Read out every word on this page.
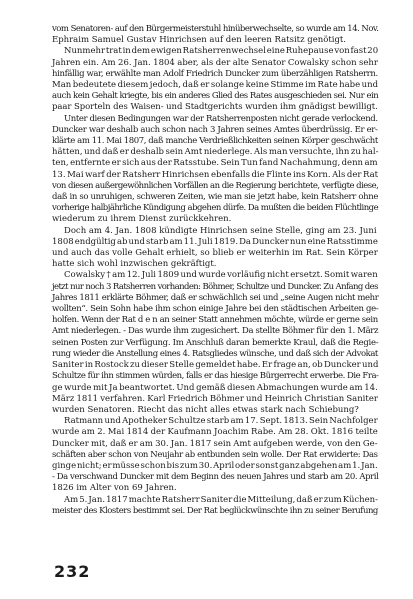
vom Senatoren- auf den Bürgermeisterstuhl hinüberwechselte, so wurde am 14. Nov.
Ephraim Samuel Gustav Hinrichsen auf den leeren Ratsitz genötigt.

Nunmehr trat in dem ewigen Ratsherrenwechsel eine Ruhepause von fast 20
Jahren ein. Am 26. Jan. 1804 aber, als der alte Senator Cowalsky schon sehr
hinfällig war, erwählte man Adolf Friedrich Duncker zum überzähligen Ratsherrn.
Man bedeutete diesem jedoch, daß er solange keine Stimme im Rate habe und
auch kein Gehalt kriegte, bis ein anderes Glied des Rates ausgeschieden sei. Nur ein
paar Sporteln des Waisen- und Stadtgerichts wurden ihm gnädigst bewilligt.

Unter diesen Bedingungen war der Ratsherrenposten nicht gerade verlockend.
Duncker war deshalb auch schon nach 3 Jahren seines Amtes überdrüssig. Er er-
klärte am 11. Mai 1807, daß manche Verdrießlichkeiten seinen Körper geschwächt
hätten, und daß er deshalb sein Amt niederlege. Als man versuchte, ihn zu hal-
ten, entfernte er sich aus der Ratsstube. Sein Tun fand Nachahmung, denn am
13. Mai warf der Ratsherr Hinrichsen ebenfalls die Flinte ins Korn. Als der Rat
von diesen außergewöhnlichen Vorfällen an die Regierung berichtete, verfügte diese,
daß in so unruhigen, schweren Zeiten, wie man sie jetzt habe, kein Ratsherr ohne
vorherige halbjährliche Kündigung abgehen dürfe. Da mußten die beiden Flüchtlinge
wiederum zu ihrem Dienst zurückkehren.

Doch am 4. Jan. 1808 kündigte Hinrichsen seine Stelle, ging am 23. Juni
1808 endgültig ab und starb am 11. Juli 1819. Da Duncker nun eine Ratsstimme
und auch das volle Gehalt erhielt, so blieb er weiterhin im Rat. Sein Körper
hatte sich wohl inzwischen gekräftigt.

Cowalsky † am 12. Juli 1809 und wurde vorläufig nicht ersetzt. Somit waren
jetzt nur noch 3 Ratsherren vorhanden: Böhmer, Schultze und Duncker. Zu Anfang des
Jahres 1811 erklärte Böhmer, daß er schwächlich sei und „seine Augen nicht mehr
wollten“. Sein Sohn habe ihm schon einige Jahre bei den städtischen Arbeiten ge-
holfen. Wenn der Rat d e n an seiner Statt annehmen möchte, würde er gerne sein
Amt niederlegen. - Das wurde ihm zugesichert. Da stellte Böhmer für den 1. März
seinen Posten zur Verfügung. Im Anschluß daran bemerkte Kraul, daß die Regie-
rung wieder die Anstellung eines 4. Ratsgliedes wünsche, und daß sich der Advokat
Saniter in Rostock zu dieser Stelle gemeldet habe. Er frage an, ob Duncker und
Schultze für ihn stimmen würden, falls er das hiesige Bürgerrecht erwerbe. Die Fra-
ge wurde mit Ja beantwortet. Und gemäß diesen Abmachungen wurde am 14.
März 1811 verfahren. Karl Friedrich Böhmer und Heinrich Christian Saniter
wurden Senatoren. Riecht das nicht alles etwas stark nach Schiebung?

Ratmann und Apotheker Schultze starb am 17. Sept. 1813. Sein Nachfolger
wurde am 2. Mai 1814 der Kaufmann Joachim Rabe. Am 28. Okt. 1816 teilte
Duncker mit, daß er am 30. Jan. 1817 sein Amt aufgeben werde, von den Ge-
schäften aber schon von Neujahr ab entbunden sein wolle. Der Rat erwiderte: Das
ginge nicht; er müsse schon bis zum 30. April oder sonst ganz abgehen am 1. Jan.
- Da verschwand Duncker mit dem Beginn des neuen Jahres und starb am 20. April
1826 im Alter von 69 Jahren.

Am 5. Jan. 1817 machte Ratsherr Saniter die Mitteilung, daß er zum Küchen-
meister des Klosters bestimmt sei. Der Rat beglückwünschte ihn zu seiner Berufung

232
